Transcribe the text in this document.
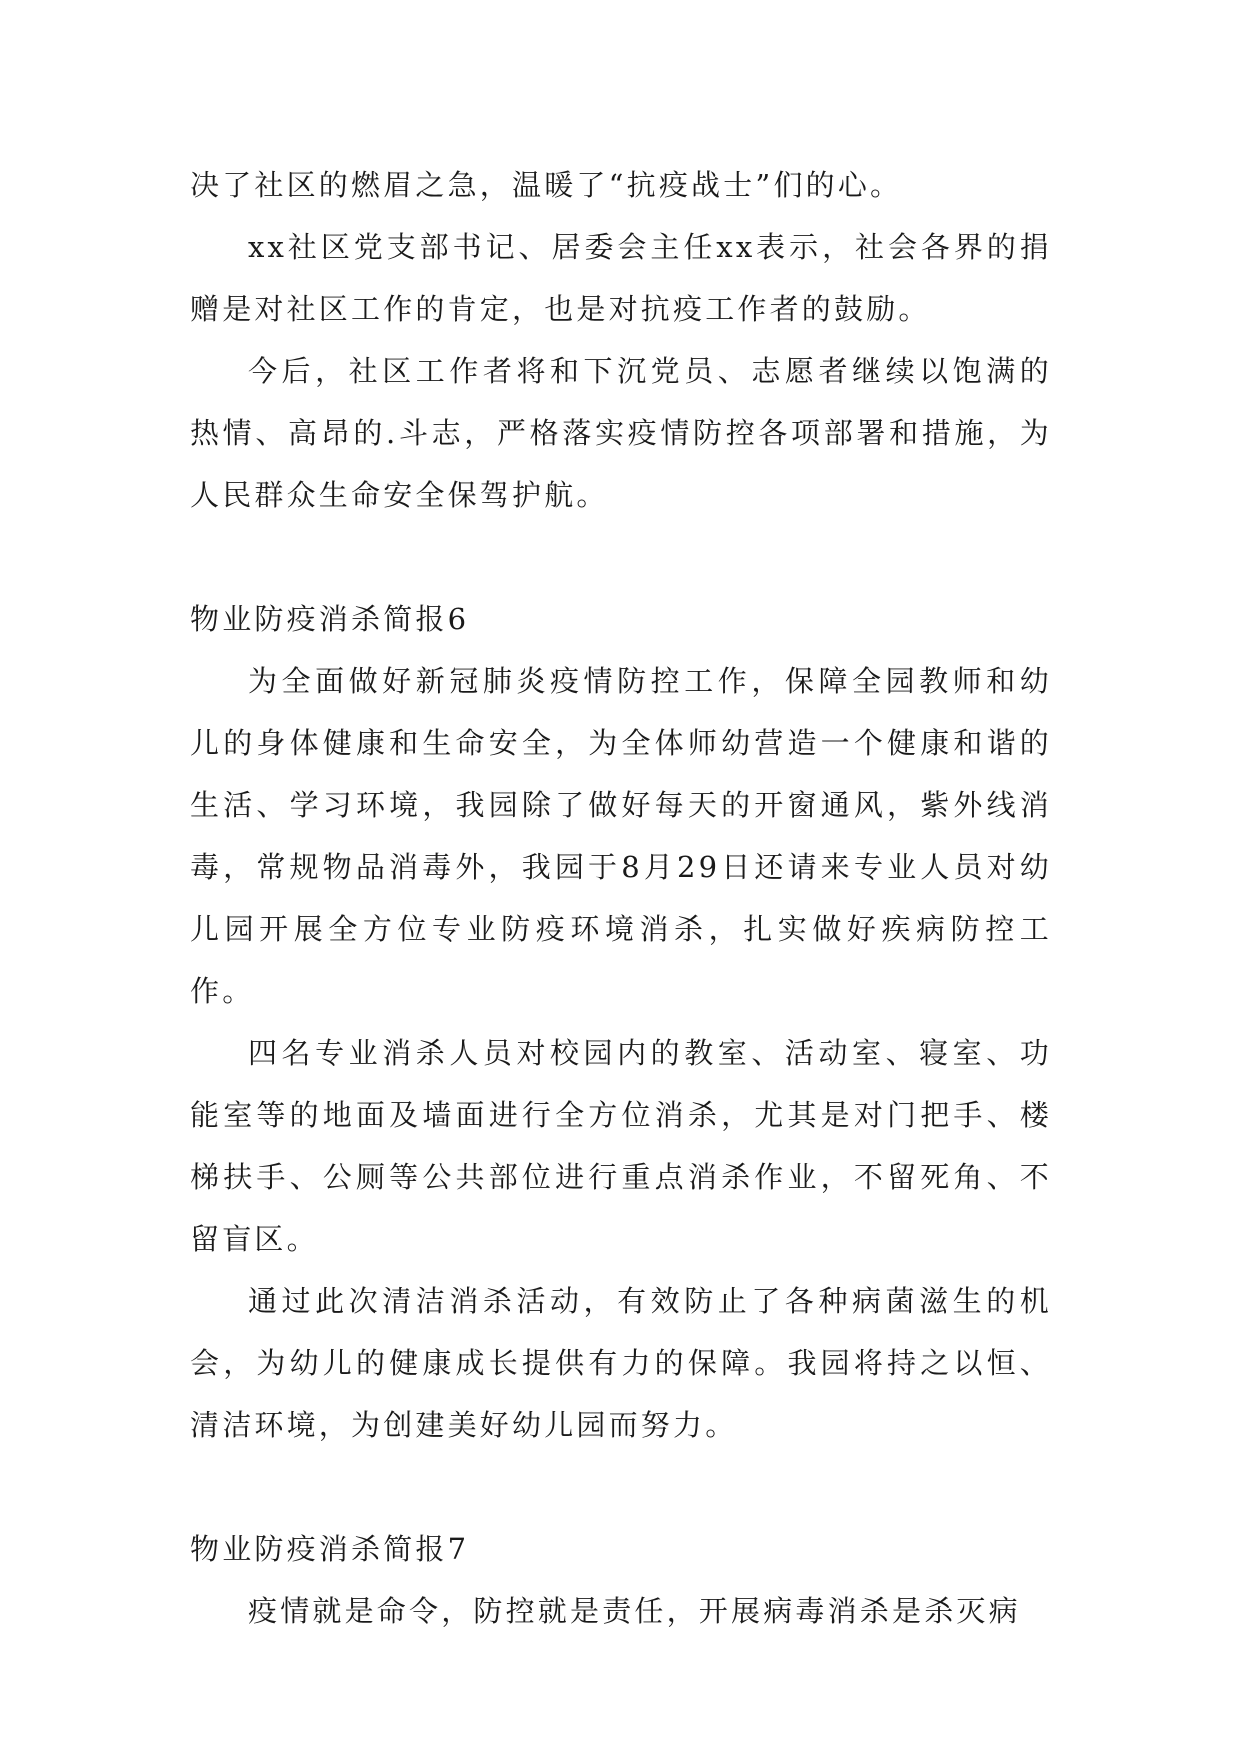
决了社区的燃眉之急，温暖了“抗疫战士”们的心。

xx社区党支部书记、居委会主任xx表示，社会各界的捐赠是对社区工作的肯定，也是对抗疫工作者的鼓励。

今后，社区工作者将和下沉党员、志愿者继续以饱满的热情、高昂的.斗志，严格落实疫情防控各项部署和措施，为人民群众生命安全保驾护航。

物业防疫消杀简报6

为全面做好新冠肺炎疫情防控工作，保障全园教师和幼儿的身体健康和生命安全，为全体师幼营造一个健康和谐的生活、学习环境，我园除了做好每天的开窗通风，紫外线消毒，常规物品消毒外，我园于8月29日还请来专业人员对幼儿园开展全方位专业防疫环境消杀，扎实做好疾病防控工作。

四名专业消杀人员对校园内的教室、活动室、寝室、功能室等的地面及墙面进行全方位消杀，尤其是对门把手、楼梯扶手、公厕等公共部位进行重点消杀作业，不留死角、不留盲区。

通过此次清洁消杀活动，有效防止了各种病菌滋生的机会，为幼儿的健康成长提供有力的保障。我园将持之以恒、清洁环境，为创建美好幼儿园而努力。

物业防疫消杀简报7

疫情就是命令，防控就是责任，开展病毒消杀是杀灭病
